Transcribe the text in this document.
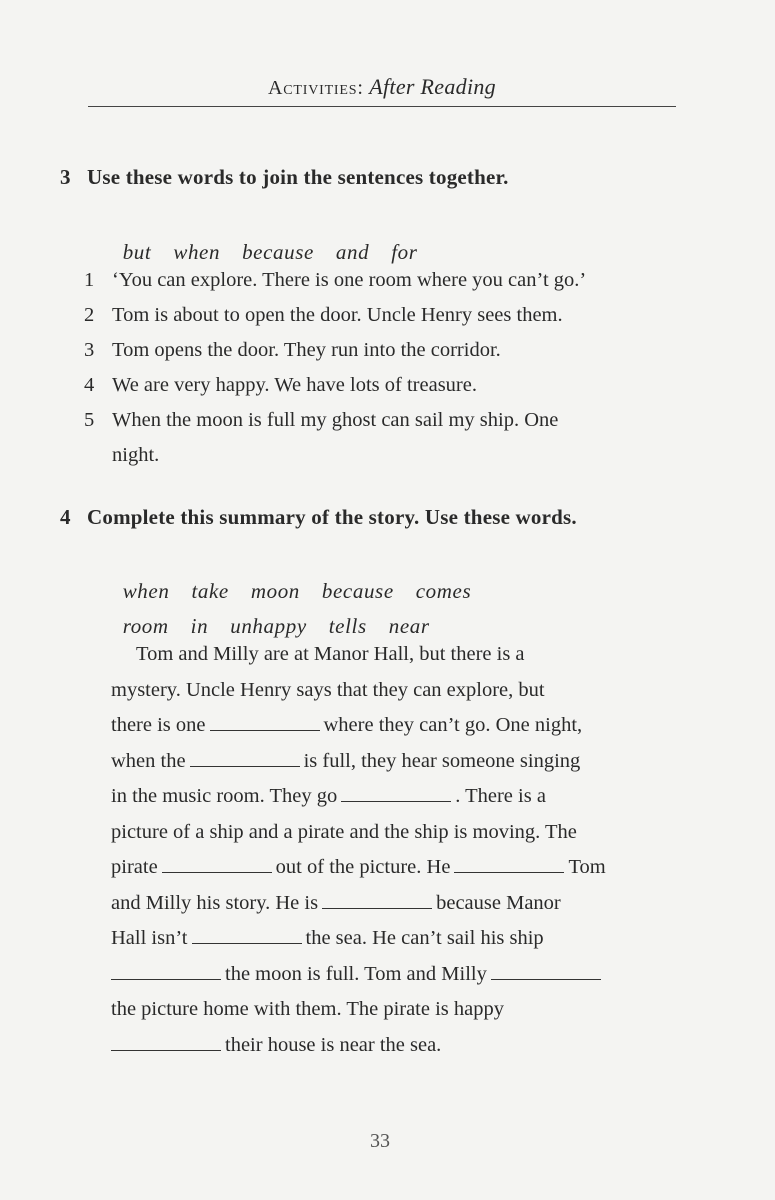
Activities: After Reading
3 Use these words to join the sentences together.

but when because and for

1 ‘You can explore. There is one room where you can’t go.’
2 Tom is about to open the door. Uncle Henry sees them.
3 Tom opens the door. They run into the corridor.
4 We are very happy. We have lots of treasure.
5 When the moon is full my ghost can sail my ship. One
night.
4 Complete this summary of the story. Use these words.

when take moon because comes

room in unhappy tells near

Tom and Milly are at Manor Hall, but there is a
mystery. Uncle Henry says that they can explore, but
there is one	where they can’t go. One night,
when the	is full, they hear someone singing
in the music room. They go	. There is a
picture of a ship and a pirate and the ship is moving. The
pirate	out of the picture. He	Tom
and Milly his story. He is	because Manor
Hall isn’t	the sea. He can’t sail his ship
the moon is full. Tom and Milly
the picture home with them. The pirate is happy
their house is near the sea.
33
